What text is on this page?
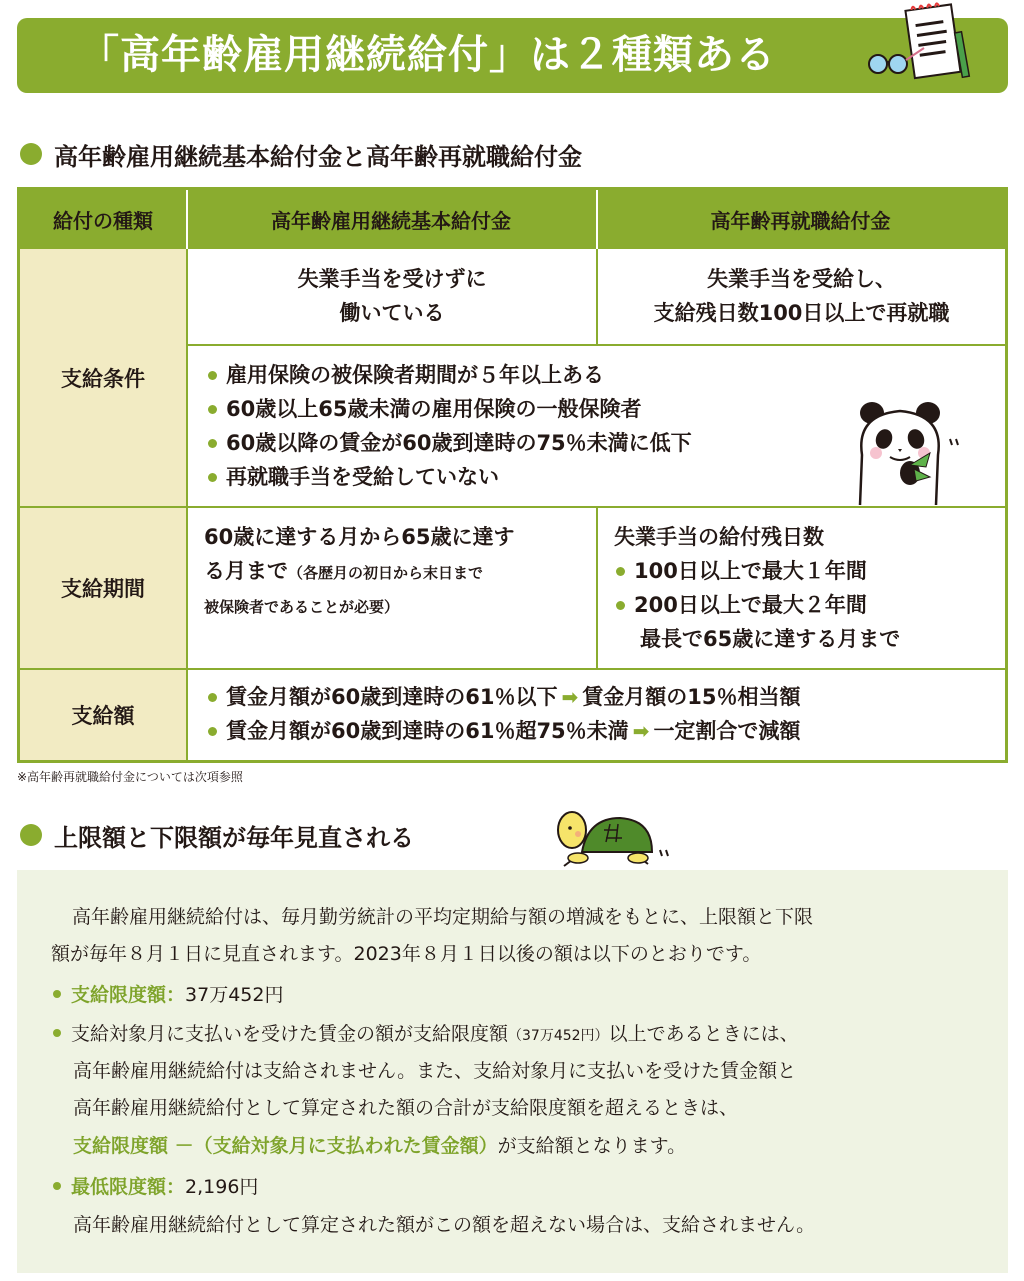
「高年齢雇用継続給付」は２種類ある
高年齢雇用継続基本給付金と高年齢再就職給付金
給付の種類	高年齢雇用継続基本給付金	高年齢再就職給付金
支給条件
支給期間
支給額
失業手当を受けずに
働いている
失業手当を受給し、
支給残日数100日以上で再就職
雇用保険の被保険者期間が５年以上ある
60歳以上65歳未満の雇用保険の一般保険者
60歳以降の賃金が60歳到達時の75％未満に低下
再就職手当を受給していない
60歳に達する月から65歳に達す
る月まで（各歴月の初日から末日まで
被保険者であることが必要）
失業手当の給付残日数
100日以上で最大１年間
200日以上で最大２年間
最長で65歳に達する月まで
賃金月額が60歳到達時の61％以下 ➡ 賃金月額の15％相当額
賃金月額が60歳到達時の61％超75％未満 ➡ 一定割合で減額
※高年齢再就職給付金については次項参照
上限額と下限額が毎年見直される
高年齢雇用継続給付は、毎月勤労統計の平均定期給与額の増減をもとに、上限額と下限
額が毎年８月１日に見直されます。2023年８月１日以後の額は以下のとおりです。
支給限度額：37万452円
支給対象月に支払いを受けた賃金の額が支給限度額（37万452円）以上であるときには、
高年齢雇用継続給付は支給されません。また、支給対象月に支払いを受けた賃金額と
高年齢雇用継続給付として算定された額の合計が支給限度額を超えるときは、
支給限度額 －（支給対象月に支払われた賃金額）が支給額となります。
最低限度額：2,196円
高年齢雇用継続給付として算定された額がこの額を超えない場合は、支給されません。
